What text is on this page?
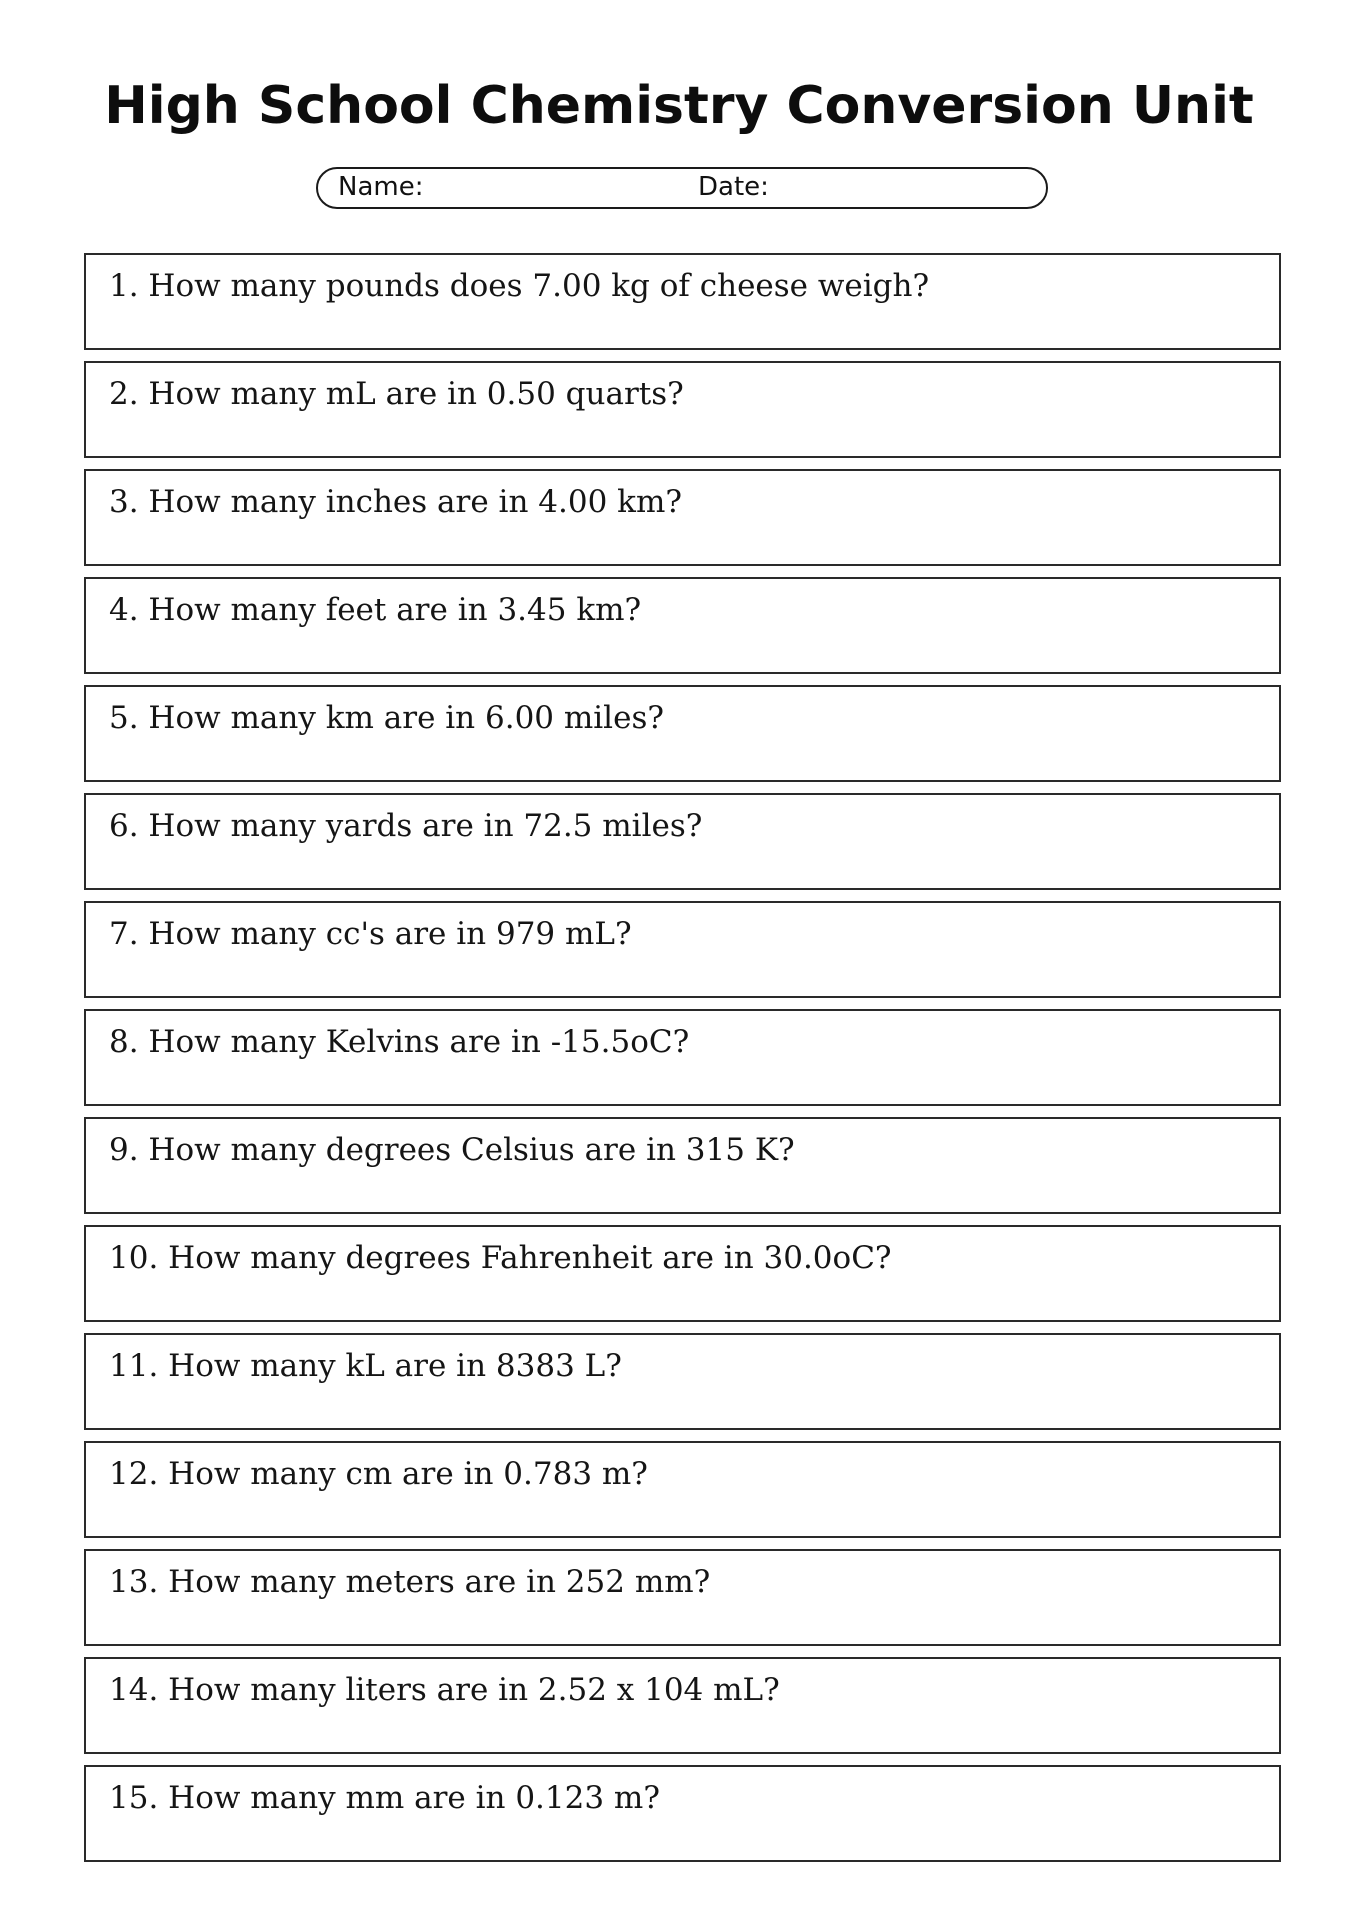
High School Chemistry Conversion Unit
Name:	Date:
1. How many pounds does 7.00 kg of cheese weigh?
2. How many mL are in 0.50 quarts?
3. How many inches are in 4.00 km?
4. How many feet are in 3.45 km?
5. How many km are in 6.00 miles?
6. How many yards are in 72.5 miles?
7. How many cc's are in 979 mL?
8. How many Kelvins are in -15.5oC?
9. How many degrees Celsius are in 315 K?
10. How many degrees Fahrenheit are in 30.0oC?
11. How many kL are in 8383 L?
12. How many cm are in 0.783 m?
13. How many meters are in 252 mm?
14. How many liters are in 2.52 x 104 mL?
15. How many mm are in 0.123 m?
